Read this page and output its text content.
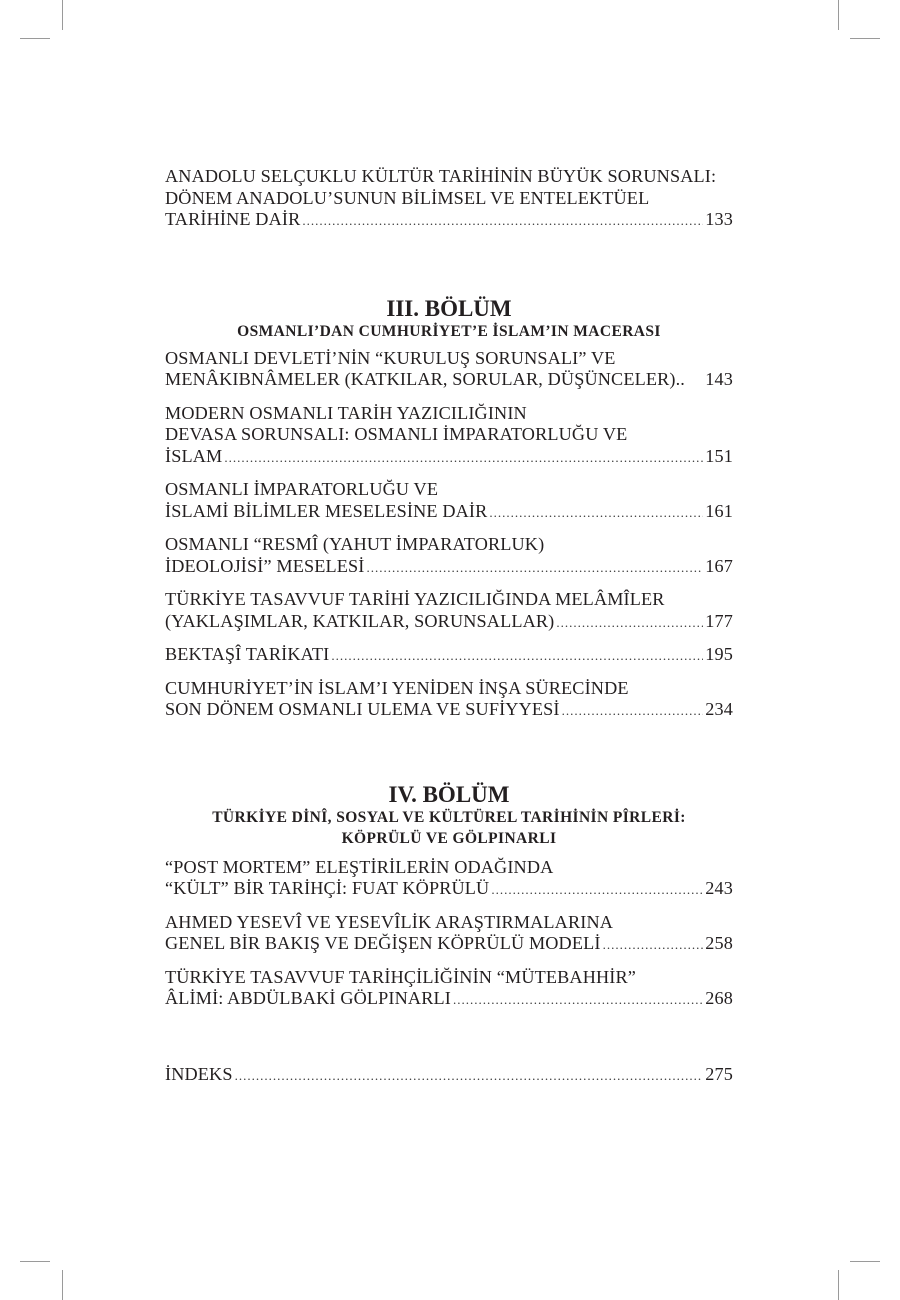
ANADOLU SELÇUKLU KÜLTÜR TARİHİNİN BÜYÜK SORUNSALI:
DÖNEM ANADOLU’SUNUN BİLİMSEL VE ENTELEKTÜEL
TARİHİNE DAİR .....	133
III. BÖLÜM
OSMANLI’DAN CUMHURİYET’E İSLAM’IN MACERASI
OSMANLI DEVLETİ’NİN “KURULUŞ SORUNSALI” VE
MENÂKIBNÂMELER (KATKILAR, SORULAR, DÜŞÜNCELER).. 143
MODERN OSMANLI TARİH YAZICILIĞININ
DEVASA SORUNSALI: OSMANLI İMPARATORLUĞU VE
İSLAM .....	151
OSMANLI İMPARATORLUĞU VE
İSLAMİ BİLİMLER MESELESİNE DAİR .....	161
OSMANLI “RESMÎ (YAHUT İMPARATORLUK)
İDEOLOJİSİ” MESELESİ .....	167
TÜRKİYE TASAVVUF TARİHİ YAZICILIĞINDA MELÂMÎLER
(YAKLAŞIMLAR, KATKILAR, SORUNSALLAR) .....	177
BEKTAŞÎ TARİKATI .....	195
CUMHURİYET’İN İSLAM’I YENİDEN İNŞA SÜRECİNDE
SON DÖNEM OSMANLI ULEMA VE SUFİYYESİ .....	234
IV. BÖLÜM
TÜRKİYE DİNÎ, SOSYAL VE KÜLTÜREL TARİHİNİN PÎRLERİ:
KÖPRÜLÜ VE GÖLPINARLI
“POST MORTEM” ELEŞTİRİLERİN ODAĞINDA
“KÜLT” BİR TARİHÇİ: FUAT KÖPRÜLÜ .....	243
AHMED YESEVÎ VE YESEVÎLİK ARAŞTIRMALARINA
GENEL BİR BAKIŞ VE DEĞİŞEN KÖPRÜLÜ MODELİ .....	258
TÜRKİYE TASAVVUF TARİHÇİLİĞİNİN “MÜTEBAHHİR”
ÂLİMİ: ABDÜLBAKİ GÖLPINARLI .....	268
İNDEKS .....	275
